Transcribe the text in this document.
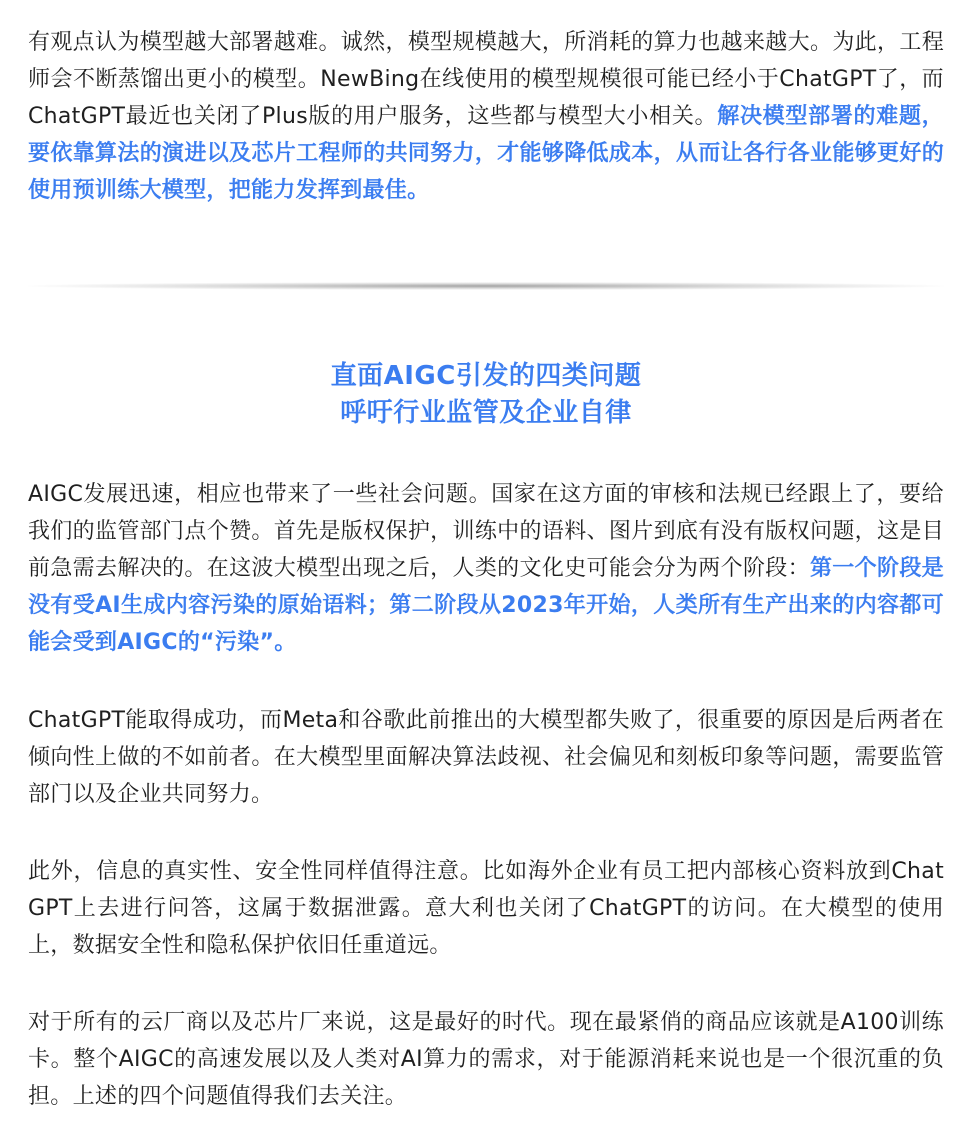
有观点认为模型越大部署越难。诚然，模型规模越大，所消耗的算力也越来越大。为此，工程师会不断蒸馏出更小的模型。NewBing在线使用的模型规模很可能已经小于ChatGPT了，而ChatGPT最近也关闭了Plus版的用户服务，这些都与模型大小相关。解决模型部署的难题，要依靠算法的演进以及芯片工程师的共同努力，才能够降低成本，从而让各行各业能够更好的使用预训练大模型，把能力发挥到最佳。

直面AIGC引发的四类问题
呼吁行业监管及企业自律

AIGC发展迅速，相应也带来了一些社会问题。国家在这方面的审核和法规已经跟上了，要给我们的监管部门点个赞。首先是版权保护，训练中的语料、图片到底有没有版权问题，这是目前急需去解决的。在这波大模型出现之后，人类的文化史可能会分为两个阶段：第一个阶段是没有受AI生成内容污染的原始语料；第二阶段从2023年开始，人类所有生产出来的内容都可能会受到AIGC的“污染”。

ChatGPT能取得成功，而Meta和谷歌此前推出的大模型都失败了，很重要的原因是后两者在倾向性上做的不如前者。在大模型里面解决算法歧视、社会偏见和刻板印象等问题，需要监管部门以及企业共同努力。

此外，信息的真实性、安全性同样值得注意。比如海外企业有员工把内部核心资料放到ChatGPT上去进行问答，这属于数据泄露。意大利也关闭了ChatGPT的访问。在大模型的使用上，数据安全性和隐私保护依旧任重道远。

对于所有的云厂商以及芯片厂来说，这是最好的时代。现在最紧俏的商品应该就是A100训练卡。整个AIGC的高速发展以及人类对AI算力的需求，对于能源消耗来说也是一个很沉重的负担。上述的四个问题值得我们去关注。
